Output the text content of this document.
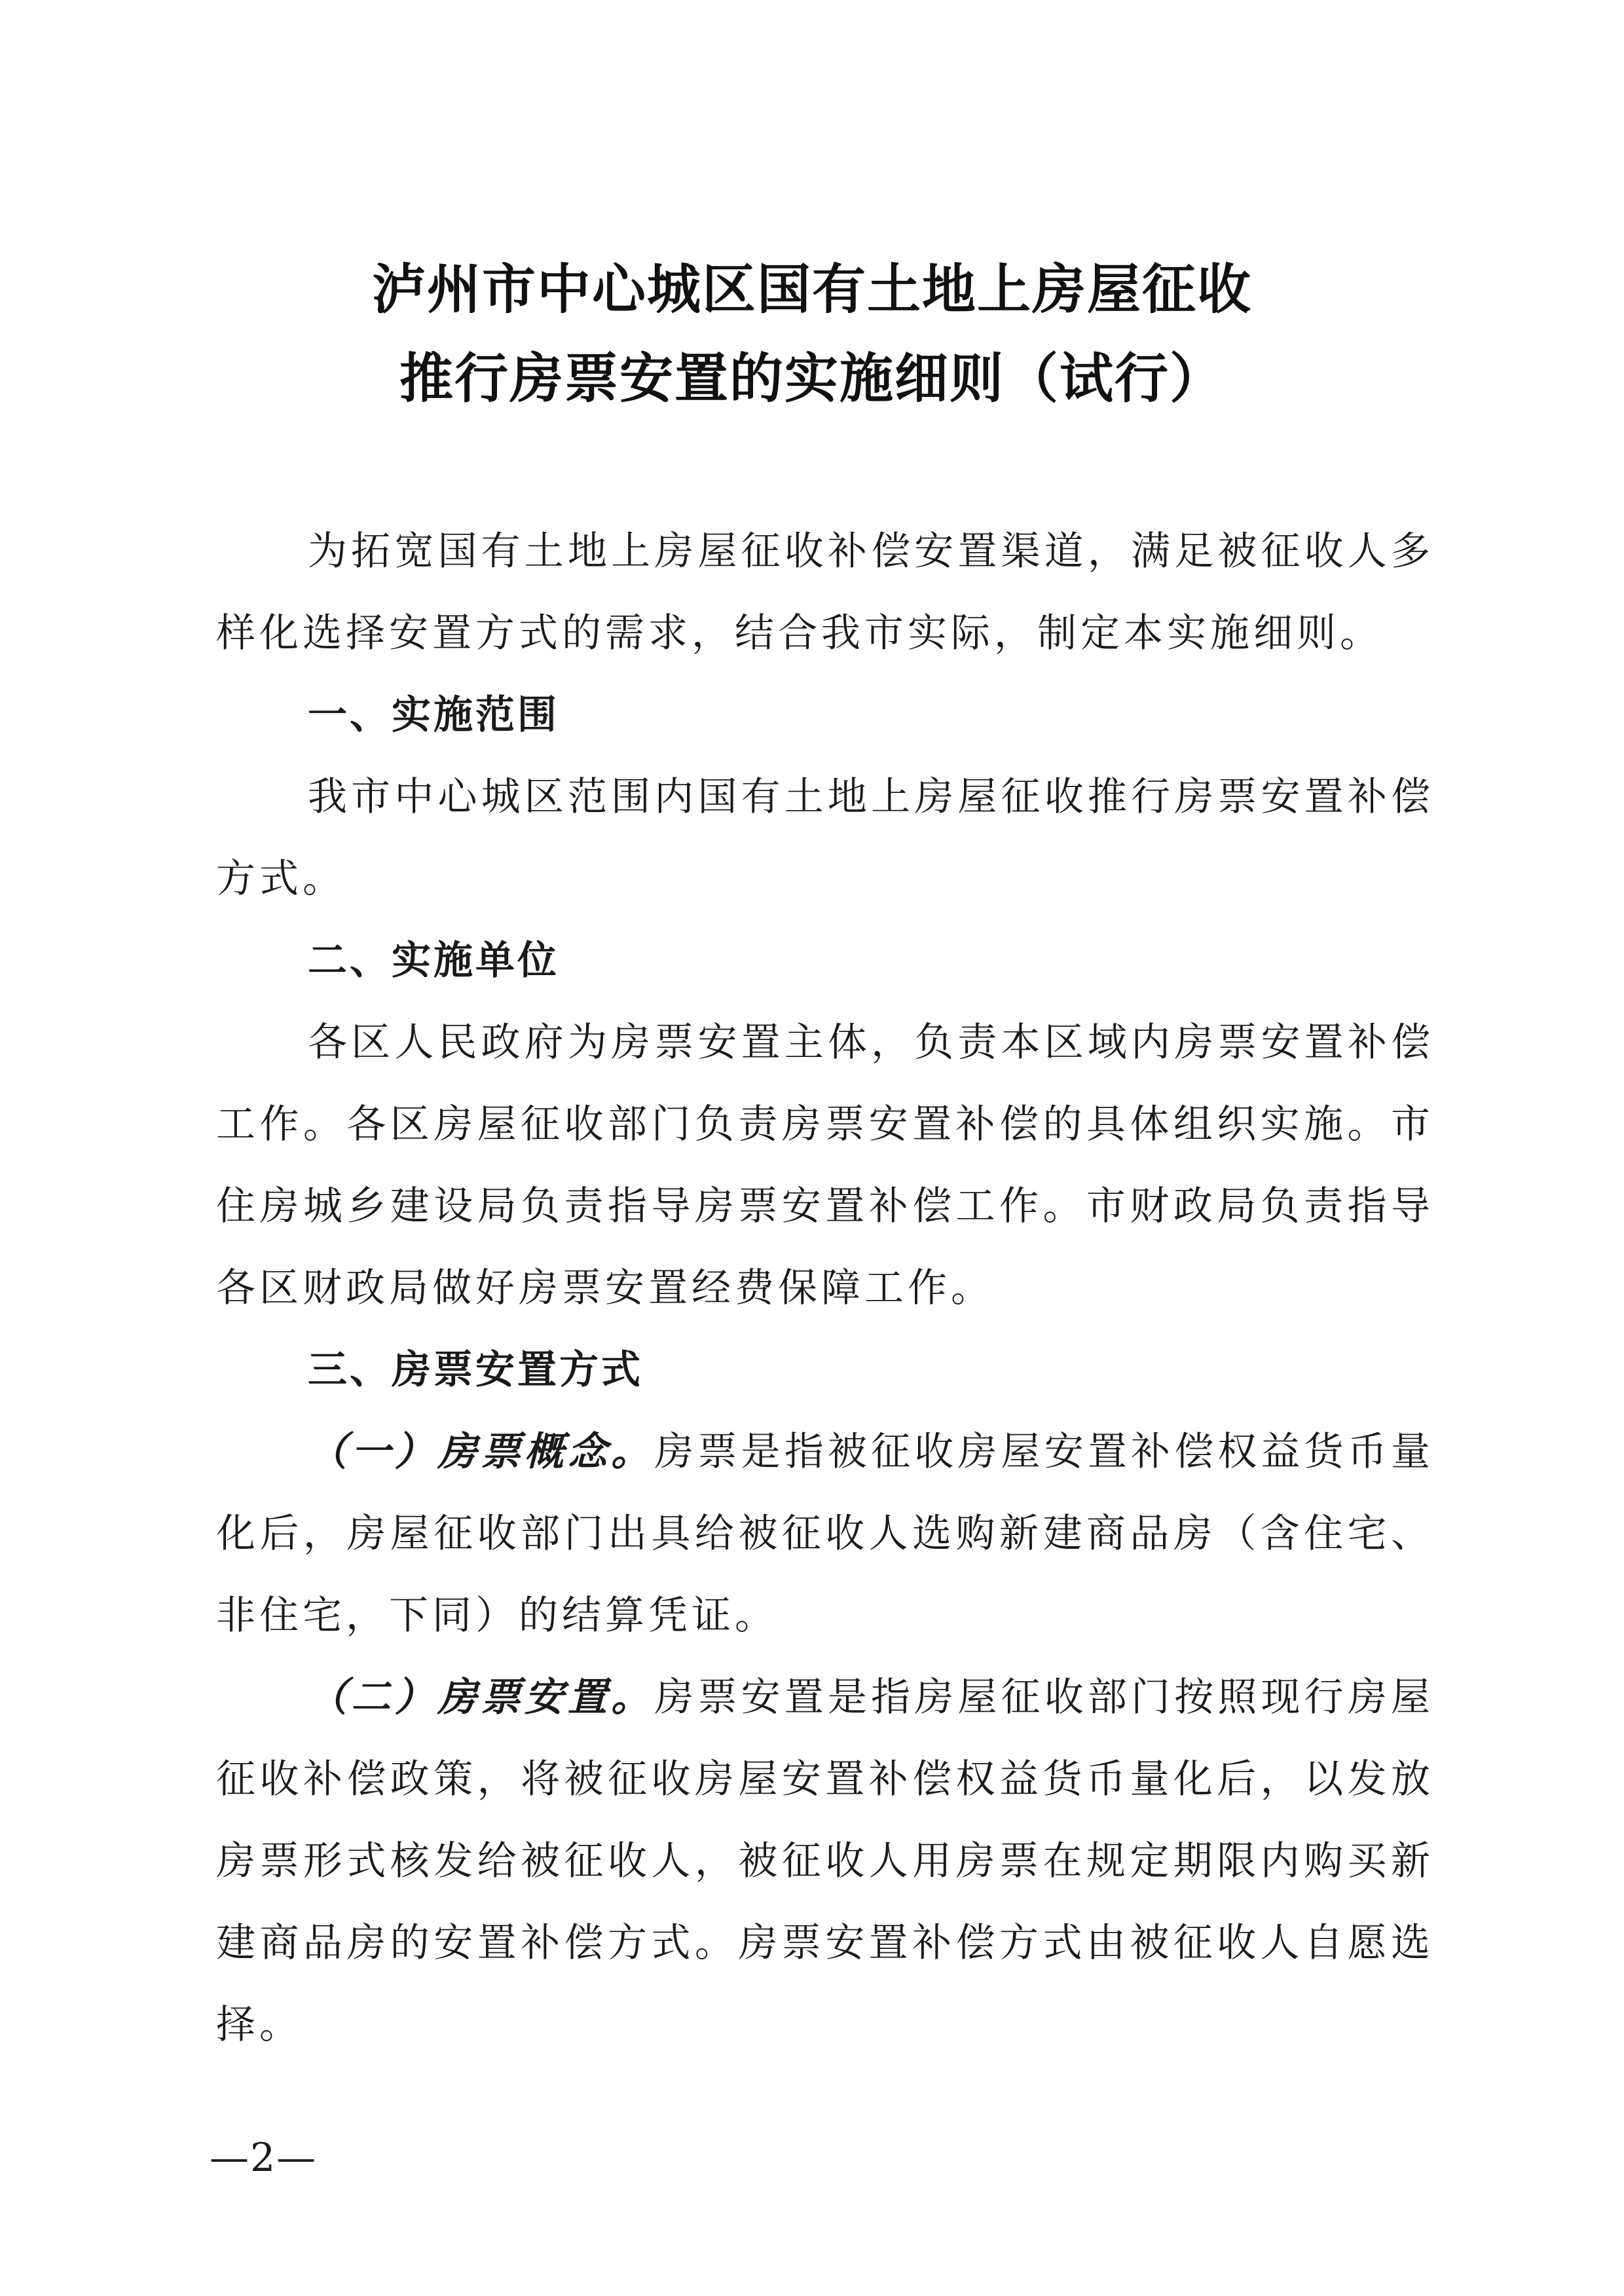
泸州市中心城区国有土地上房屋征收
推行房票安置的实施细则（试行）

为拓宽国有土地上房屋征收补偿安置渠道，满足被征收人多样化选择安置方式的需求，结合我市实际，制定本实施细则。

一、实施范围

我市中心城区范围内国有土地上房屋征收推行房票安置补偿方式。

二、实施单位

各区人民政府为房票安置主体，负责本区域内房票安置补偿工作。各区房屋征收部门负责房票安置补偿的具体组织实施。市住房城乡建设局负责指导房票安置补偿工作。市财政局负责指导各区财政局做好房票安置经费保障工作。

三、房票安置方式

（一）房票概念。房票是指被征收房屋安置补偿权益货币量化后，房屋征收部门出具给被征收人选购新建商品房（含住宅、非住宅，下同）的结算凭证。

（二）房票安置。房票安置是指房屋征收部门按照现行房屋征收补偿政策，将被征收房屋安置补偿权益货币量化后，以发放房票形式核发给被征收人，被征收人用房票在规定期限内购买新建商品房的安置补偿方式。房票安置补偿方式由被征收人自愿选择。

—2—
